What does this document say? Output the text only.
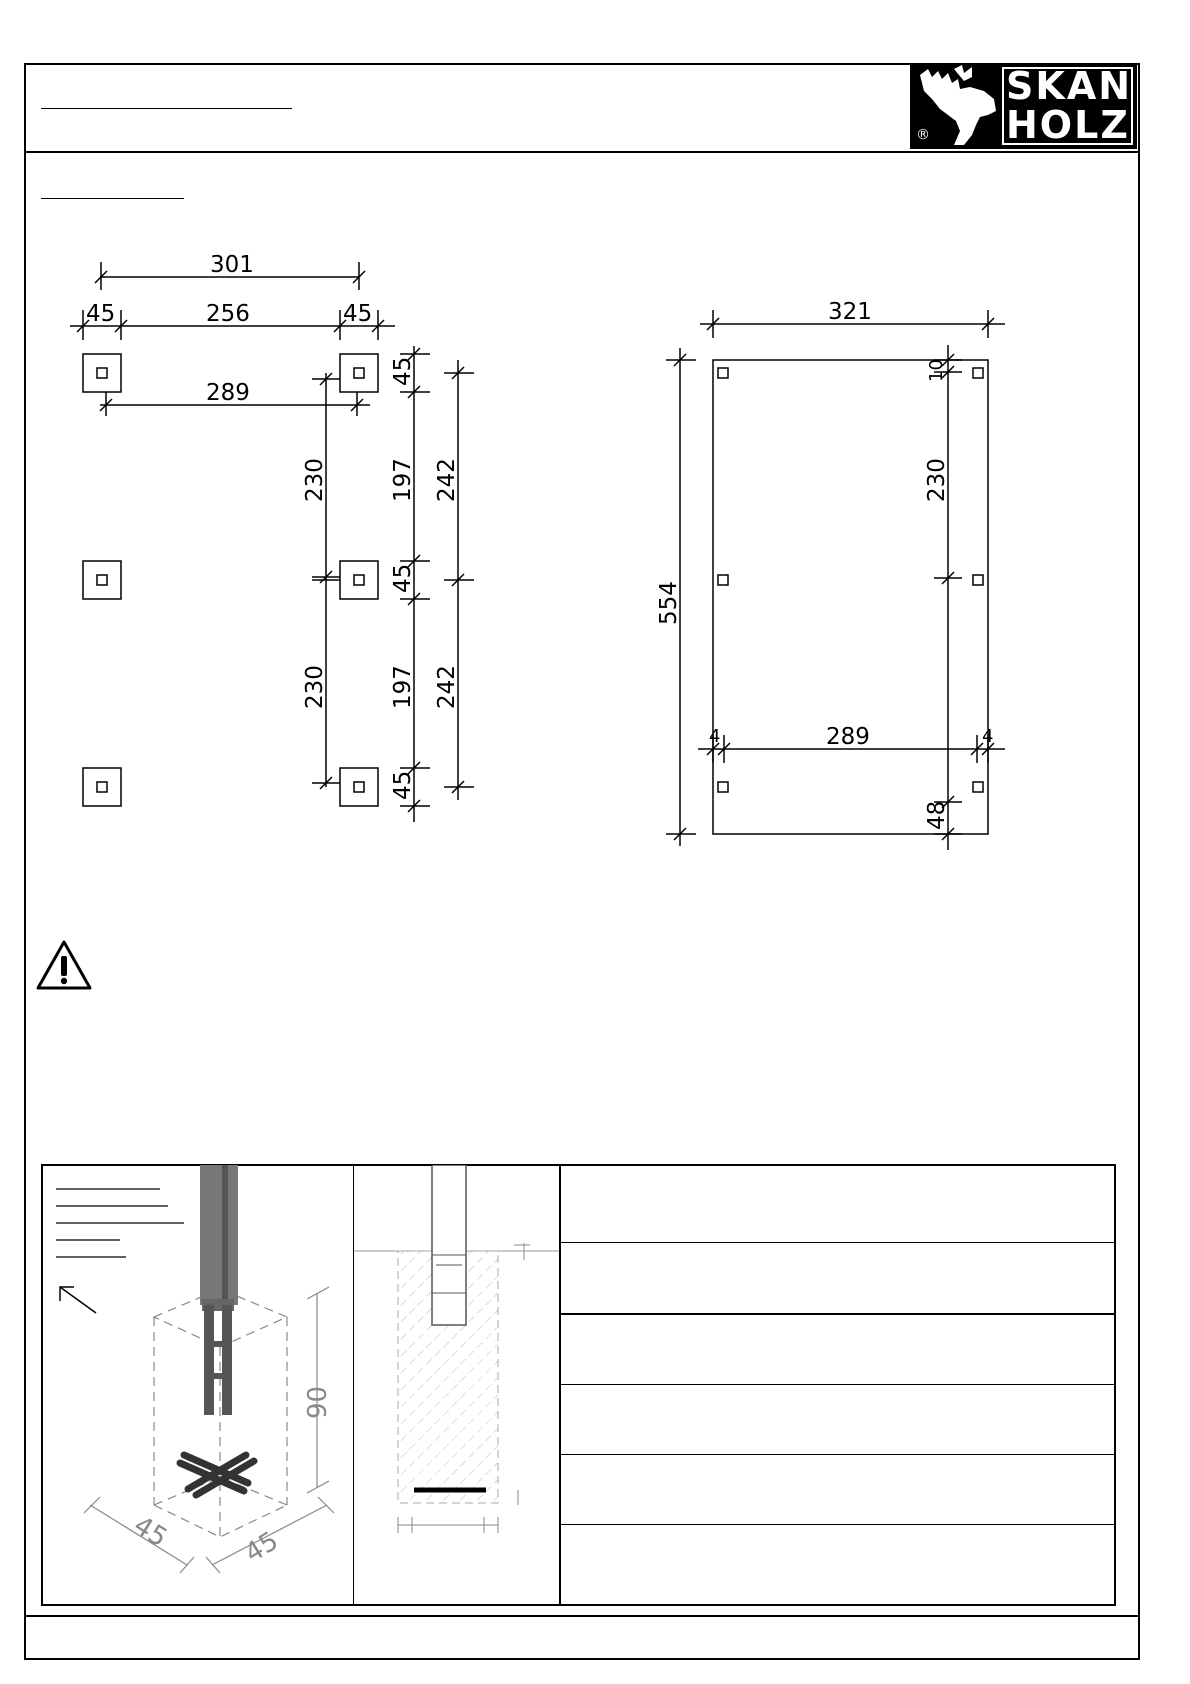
®
SKAN
HOLZ
301
45	256	45
289
230
230
45
197
45
197
45
242
242
321
554
10
230
289
4	4
48
90
45	45
